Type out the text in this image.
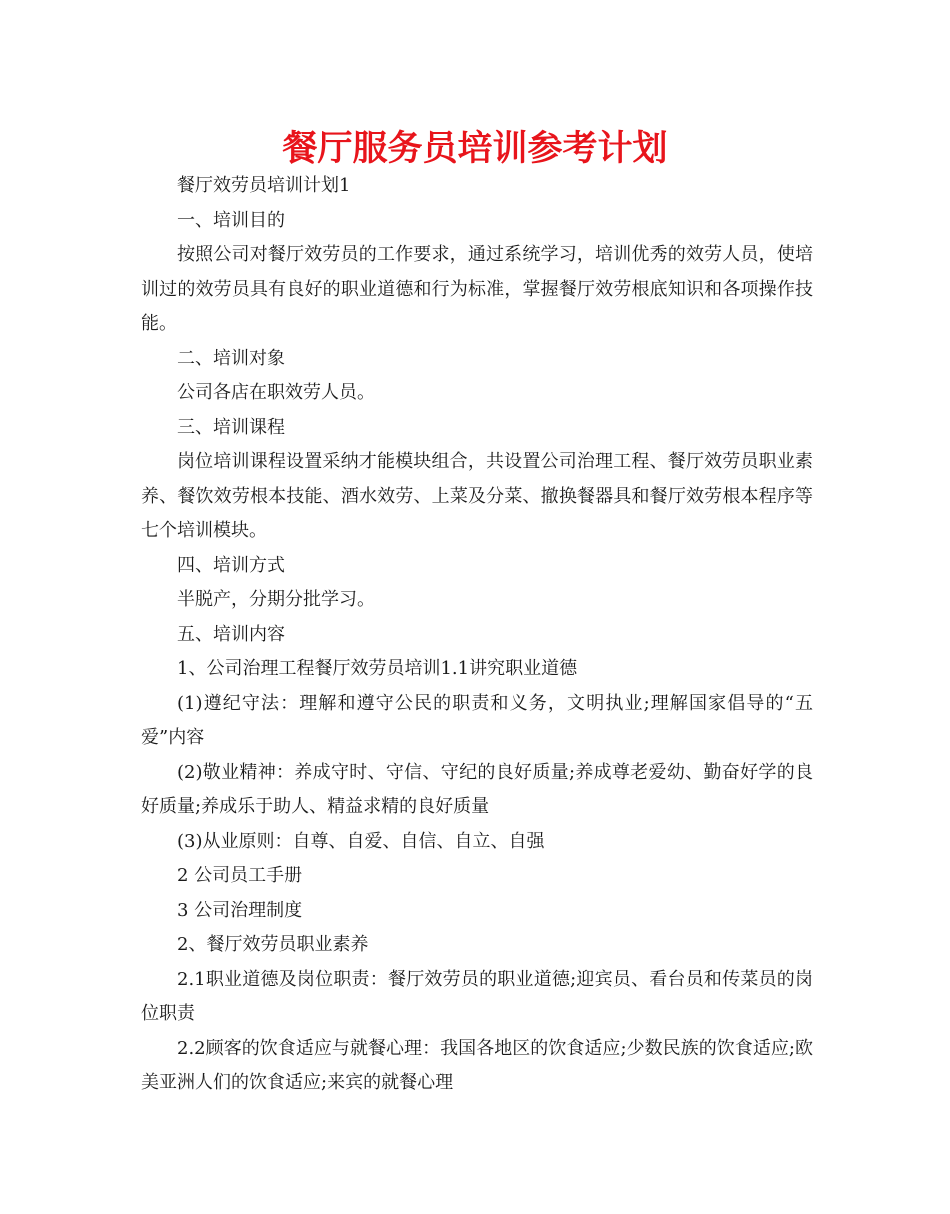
餐厅服务员培训参考计划

餐厅效劳员培训计划1

一、培训目的

按照公司对餐厅效劳员的工作要求，通过系统学习，培训优秀的效劳人员，使培训过的效劳员具有良好的职业道德和行为标准，掌握餐厅效劳根底知识和各项操作技能。

二、培训对象

公司各店在职效劳人员。

三、培训课程

岗位培训课程设置采纳才能模块组合，共设置公司治理工程、餐厅效劳员职业素养、餐饮效劳根本技能、酒水效劳、上菜及分菜、撤换餐器具和餐厅效劳根本程序等七个培训模块。

四、培训方式

半脱产，分期分批学习。

五、培训内容

1、公司治理工程餐厅效劳员培训1.1讲究职业道德

(1)遵纪守法：理解和遵守公民的职责和义务，文明执业;理解国家倡导的“五爱”内容

(2)敬业精神：养成守时、守信、守纪的良好质量;养成尊老爱幼、勤奋好学的良好质量;养成乐于助人、精益求精的良好质量

(3)从业原则：自尊、自爱、自信、自立、自强

2 公司员工手册

3 公司治理制度

2、餐厅效劳员职业素养

2.1职业道德及岗位职责：餐厅效劳员的职业道德;迎宾员、看台员和传菜员的岗位职责

2.2顾客的饮食适应与就餐心理：我国各地区的饮食适应;少数民族的饮食适应;欧美亚洲人们的饮食适应;来宾的就餐心理
